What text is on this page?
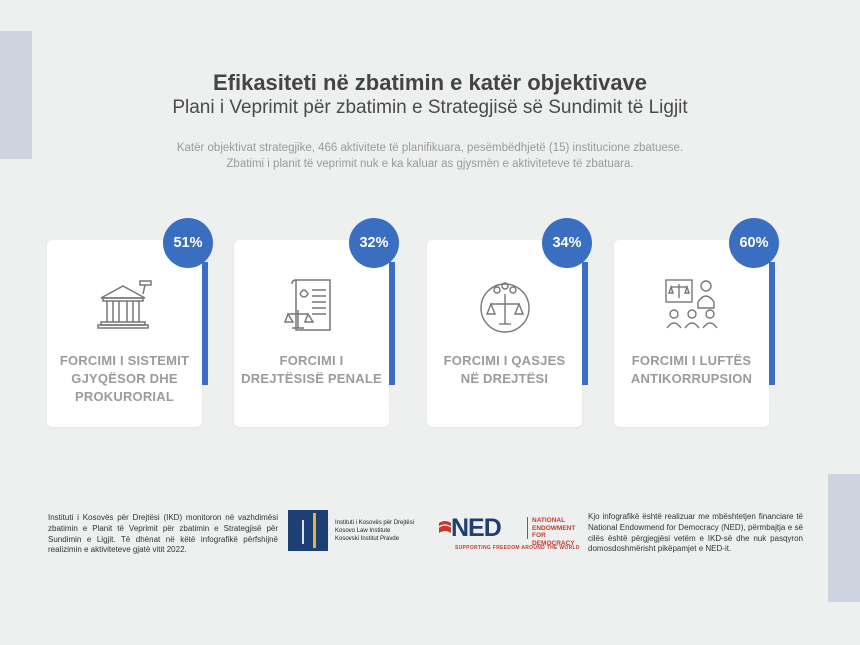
Efikasiteti në zbatimin e katër objektivave
Plani i Veprimit për zbatimin e Strategjisë së Sundimit të Ligjit
Katër objektivat strategjike, 466 aktivitete të planifikuara, pesëmbëdhjetë (15) institucione zbatuese.
Zbatimi i planit të veprimit nuk e ka kaluar as gjysmën e aktiviteteve të zbatuara.
FORCIMI I SISTEMIT
GJYQËSOR DHE
PROKURORIAL
51%
FORCIMI I
DREJTËSISË PENALE
32%
FORCIMI I QASJES
NË DREJTËSI
34%
FORCIMI I LUFTËS
ANTIKORRUPSION
60%
Instituti i Kosovës për Drejtësi (IKD) monitoron në vazhdimësi zbatimin e Planit të Veprimit për zbatimin e Strategjisë për Sundimin e Ligjit. Të dhënat në këtë infografikë përfshijnë realizimin e aktiviteteve gjatë vitit 2022.
Instituti i Kosovës për Drejtësi
Kosovo Law Institute
Kosovski Institut Pravde	NED	NATIONAL
ENDOWMENT
FOR
DEMOCRACY
SUPPORTING FREEDOM AROUND THE WORLD
Kjo infografikë është realizuar me mbështetjen financiare të National Endowmend for Democracy (NED), përmbajtja e së cilës është përgjegjësi vetëm e IKD-së dhe nuk pasqyron domosdoshmërisht pikëpamjet e NED-it.
